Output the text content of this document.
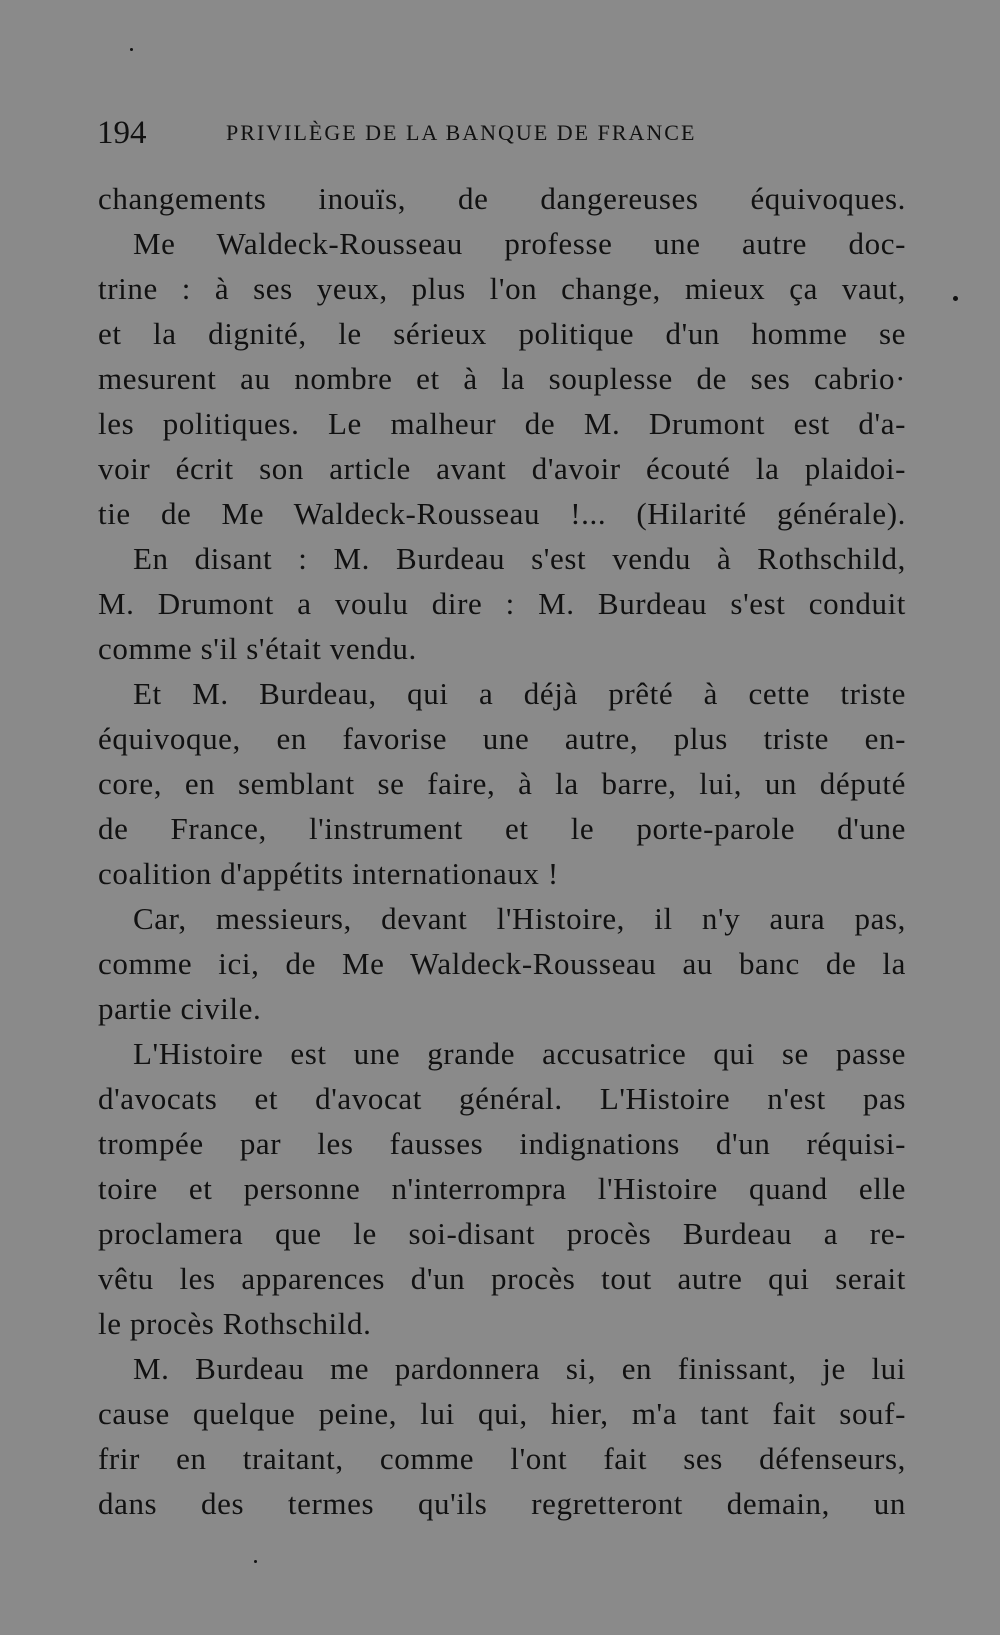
194	PRIVILÈGE DE LA BANQUE DE FRANCE
changements inouïs, de dangereuses équivoques.
Me Waldeck-Rousseau professe une autre doc-
trine : à ses yeux, plus l'on change, mieux ça vaut,
et la dignité, le sérieux politique d'un homme se
mesurent au nombre et à la souplesse de ses cabrio·
les politiques. Le malheur de M. Drumont est d'a-
voir écrit son article avant d'avoir écouté la plaidoi-
tie de Me Waldeck-Rousseau !... (Hilarité générale).
En disant : M. Burdeau s'est vendu à Rothschild,
M. Drumont a voulu dire : M. Burdeau s'est conduit
comme s'il s'était vendu.
Et M. Burdeau, qui a déjà prêté à cette triste
équivoque, en favorise une autre, plus triste en-
core, en semblant se faire, à la barre, lui, un député
de France, l'instrument et le porte-parole d'une
coalition d'appétits internationaux !
Car, messieurs, devant l'Histoire, il n'y aura pas,
comme ici, de Me Waldeck-Rousseau au banc de la
partie civile.
L'Histoire est une grande accusatrice qui se passe
d'avocats et d'avocat général. L'Histoire n'est pas
trompée par les fausses indignations d'un réquisi-
toire et personne n'interrompra l'Histoire quand elle
proclamera que le soi-disant procès Burdeau a re-
vêtu les apparences d'un procès tout autre qui serait
le procès Rothschild.
M. Burdeau me pardonnera si, en finissant, je lui
cause quelque peine, lui qui, hier, m'a tant fait souf-
frir en traitant, comme l'ont fait ses défenseurs,
dans des termes qu'ils regretteront demain, un
